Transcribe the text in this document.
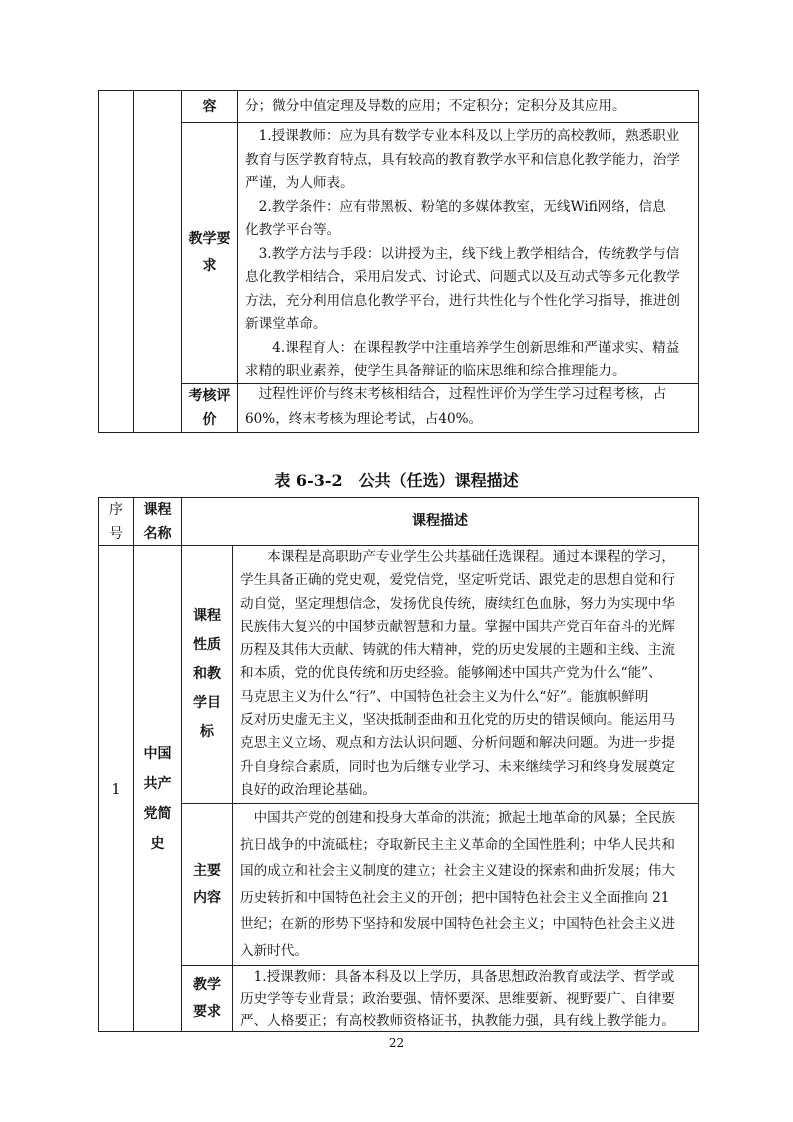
容	分；微分中值定理及导数的应用；不定积分；定积分及其应用。
教学要求
　1.授课教师：应为具有数学专业本科及以上学历的高校教师，熟悉职业
教育与医学教育特点，具有较高的教育教学水平和信息化教学能力，治学
严谨，为人师表。
　2.教学条件：应有带黑板、粉笔的多媒体教室，无线Wifi网络，信息
化教学平台等。
　3.教学方法与手段：以讲授为主，线下线上教学相结合，传统教学与信
息化教学相结合，采用启发式、讨论式、问题式以及互动式等多元化教学
方法，充分利用信息化教学平台，进行共性化与个性化学习指导，推进创
新课堂革命。
　　4.课程育人：在课程教学中注重培养学生创新思维和严谨求实、精益
求精的职业素养，使学生具备辩证的临床思维和综合推理能力。
考核评价
　过程性评价与终末考核相结合，过程性评价为学生学习过程考核，占
60%，终末考核为理论考试，占40%。
表 6-3-2　公共（任选）课程描述
序号
课程名称
课程描述
1
中国共产党简史
课程性质和教学目标
　　本课程是高职助产专业学生公共基础任选课程。通过本课程的学习，
学生具备正确的党史观，爱党信党，坚定听党话、跟党走的思想自觉和行
动自觉，坚定理想信念，发扬优良传统，赓续红色血脉，努力为实现中华
民族伟大复兴的中国梦贡献智慧和力量。掌握中国共产党百年奋斗的光辉
历程及其伟大贡献、铸就的伟大精神，党的历史发展的主题和主线、主流
和本质，党的优良传统和历史经验。能够阐述中国共产党为什么“能”、
马克思主义为什么“行”、中国特色社会主义为什么“好”。能旗帜鲜明
反对历史虚无主义，坚决抵制歪曲和丑化党的历史的错误倾向。能运用马
克思主义立场、观点和方法认识问题、分析问题和解决问题。为进一步提
升自身综合素质，同时也为后继专业学习、未来继续学习和终身发展奠定
良好的政治理论基础。
主要内容
　中国共产党的创建和投身大革命的洪流；掀起土地革命的风暴；全民族
抗日战争的中流砥柱；夺取新民主主义革命的全国性胜利；中华人民共和
国的成立和社会主义制度的建立；社会主义建设的探索和曲折发展；伟大
历史转折和中国特色社会主义的开创；把中国特色社会主义全面推向 21
世纪；在新的形势下坚持和发展中国特色社会主义；中国特色社会主义进
入新时代。
教学要求
　1.授课教师：具备本科及以上学历，具备思想政治教育或法学、哲学或
历史学等专业背景；政治要强、情怀要深、思维要新、视野要广、自律要
严、人格要正；有高校教师资格证书，执教能力强，具有线上教学能力。
22
